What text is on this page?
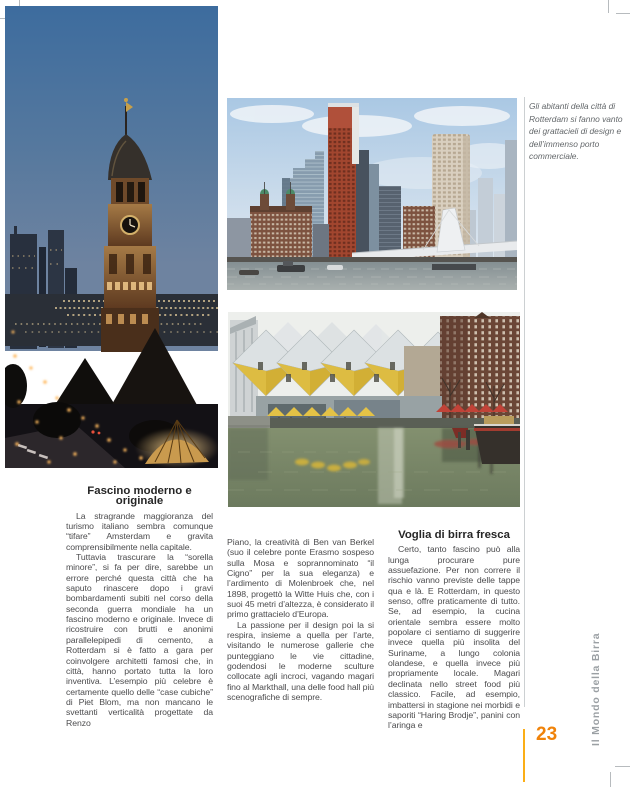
Gli abitanti della città di Rotterdam si fanno vanto dei grattacieli di design e dell’immenso porto commerciale.
Fascino moderno e originale

La stragrande maggioranza del turismo italiano sembra comunque “tifare” Amsterdam e gravita comprensibilmente nella capitale.

Tuttavia trascurare la “sorella minore”, si fa per dire, sarebbe un errore perché questa città che ha saputo rinascere dopo i gravi bombardamenti subiti nel corso della seconda guerra mondiale ha un fascino moderno e originale. Invece di ricostruire con brutti e anonimi parallelepipedi di cemento, a Rotterdam si è fatto a gara per coinvolgere architetti famosi che, in città, hanno portato tutta la loro inventiva. L’esempio più celebre è certamente quello delle “case cubiche” di Piet Blom, ma non mancano le svettanti verticalità progettate da Renzo

Piano, la creatività di Ben van Berkel (suo il celebre ponte Erasmo sospeso sulla Mosa e soprannominato “il Cigno” per la sua eleganza) e l’ardimento di Molenbroek che, nel 1898, progettò la Witte Huis che, con i suoi 45 metri d’altezza, è considerato il primo grattacielo d’Europa.

La passione per il design poi la si respira, insieme a quella per l’arte, visitando le numerose gallerie che punteggiano le vie cittadine, godendosi le moderne sculture collocate agli incroci, vagando magari fino al Markthall, una delle food hall più scenografiche di sempre.

Voglia di birra fresca

Certo, tanto fascino può alla lunga procurare pure assuefazione. Per non correre il rischio vanno previste delle tappe qua e là. E Rotterdam, in questo senso, offre praticamente di tutto. Se, ad esempio, la cucina orientale sembra essere molto popolare ci sentiamo di suggerire invece quella più insolita del Suriname, a lungo colonia olandese, e quella invece più propriamente locale. Magari declinata nello street food più classico. Facile, ad esempio, imbattersi in stagione nei morbidi e saporiti “Haring Brodje”, panini con l’aringa e	23	Il Mondo della Birra
